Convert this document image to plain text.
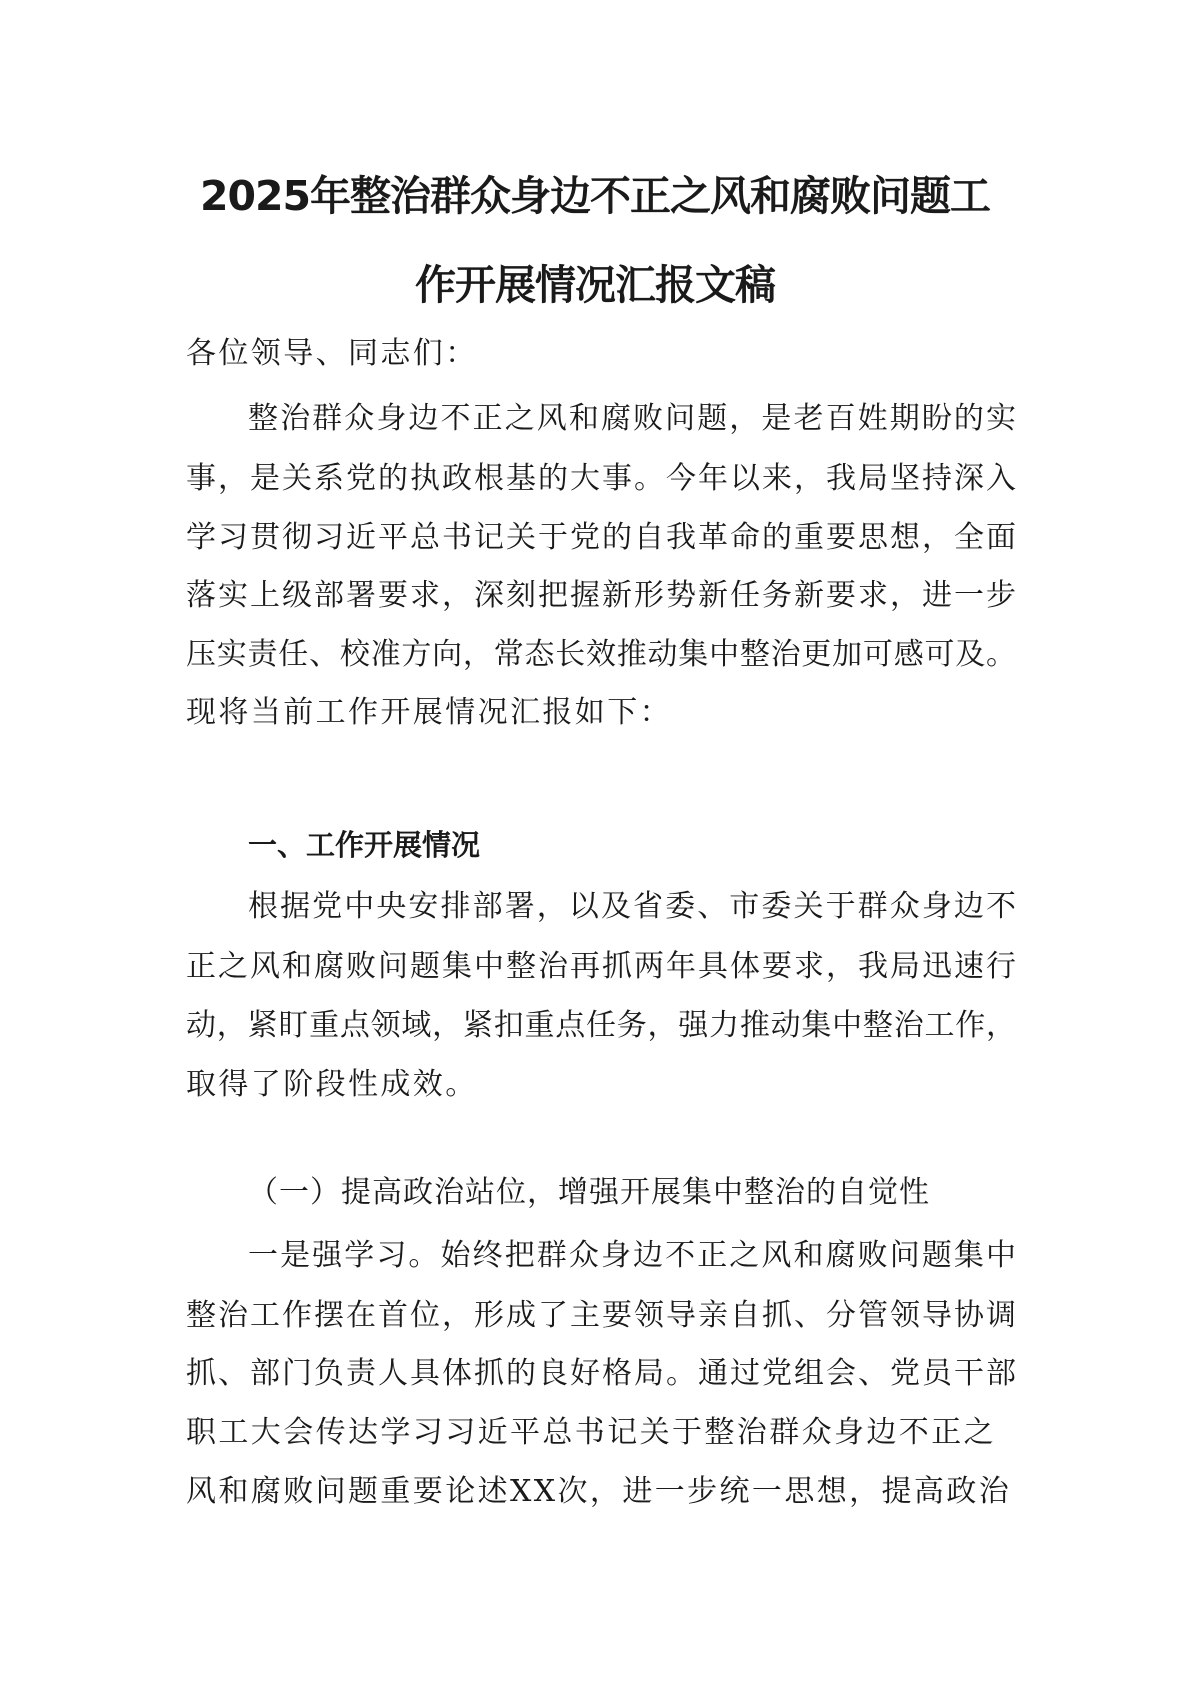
2025年整治群众身边不正之风和腐败问题工
作开展情况汇报文稿
各位领导、同志们：
整治群众身边不正之风和腐败问题，是老百姓期盼的实
事，是关系党的执政根基的大事。今年以来，我局坚持深入
学习贯彻习近平总书记关于党的自我革命的重要思想，全面
落实上级部署要求，深刻把握新形势新任务新要求，进一步
压实责任、校准方向，常态长效推动集中整治更加可感可及。
现将当前工作开展情况汇报如下：
一、工作开展情况
根据党中央安排部署，以及省委、市委关于群众身边不
正之风和腐败问题集中整治再抓两年具体要求，我局迅速行
动，紧盯重点领域，紧扣重点任务，强力推动集中整治工作，
取得了阶段性成效。
（一）提高政治站位，增强开展集中整治的自觉性
一是强学习。始终把群众身边不正之风和腐败问题集中
整治工作摆在首位，形成了主要领导亲自抓、分管领导协调
抓、部门负责人具体抓的良好格局。通过党组会、党员干部
职工大会传达学习习近平总书记关于整治群众身边不正之
风和腐败问题重要论述XX次，进一步统一思想，提高政治
